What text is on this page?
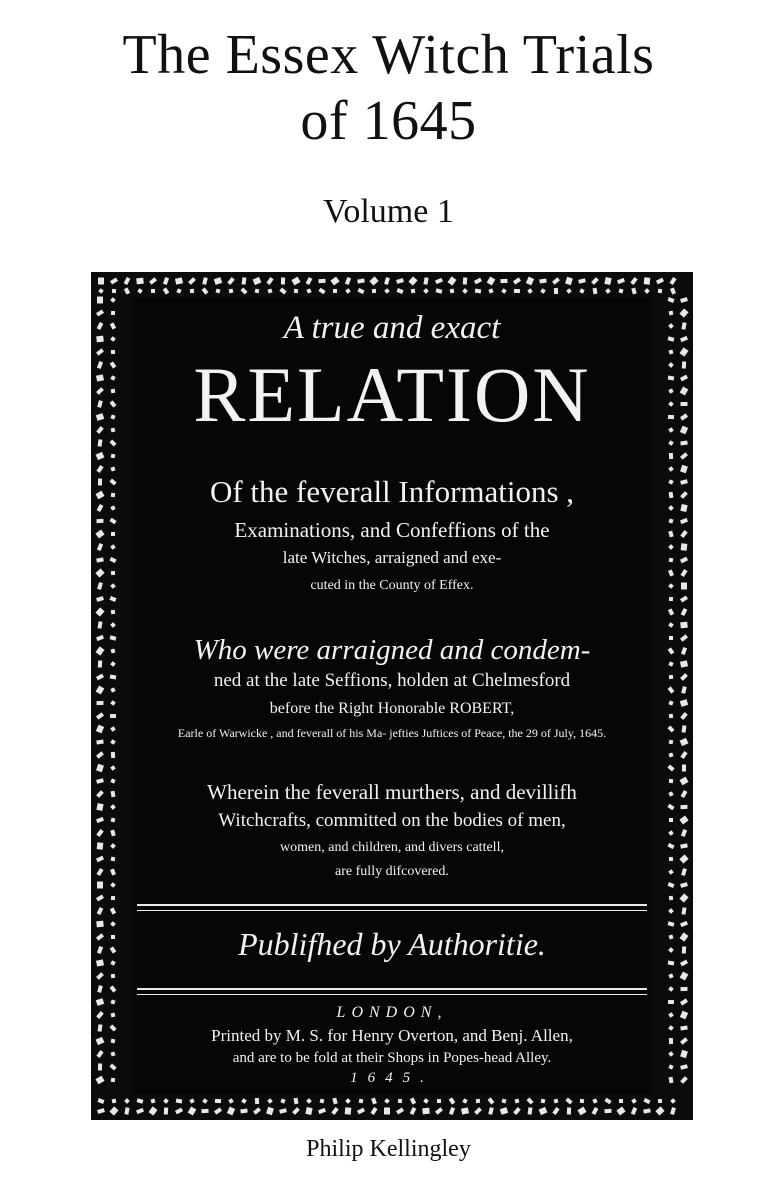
The Essex Witch Trials
of 1645
Volume 1
A true and exact
RELATION
Of the feverall Informations ,
Examinations, and Confeffions of the
late Witches, arraigned and exe-
cuted in the County of Effex.
Who were arraigned and condem-
ned at the late Seffions, holden at Chelmesford
before the Right Honorable ROBERT,
Earle of Warwicke , and feverall of his Ma- jefties Juftices of Peace, the 29 of July, 1645.
Wherein the feverall murthers, and devillifh
Witchcrafts, committed on the bodies of men,
women, and children, and divers cattell,
are fully difcovered.
Publifhed by Authoritie.
LONDON,
Printed by M. S. for Henry Overton, and Benj. Allen,
and are to be fold at their Shops in Popes-head Alley.
1645.
Philip Kellingley
